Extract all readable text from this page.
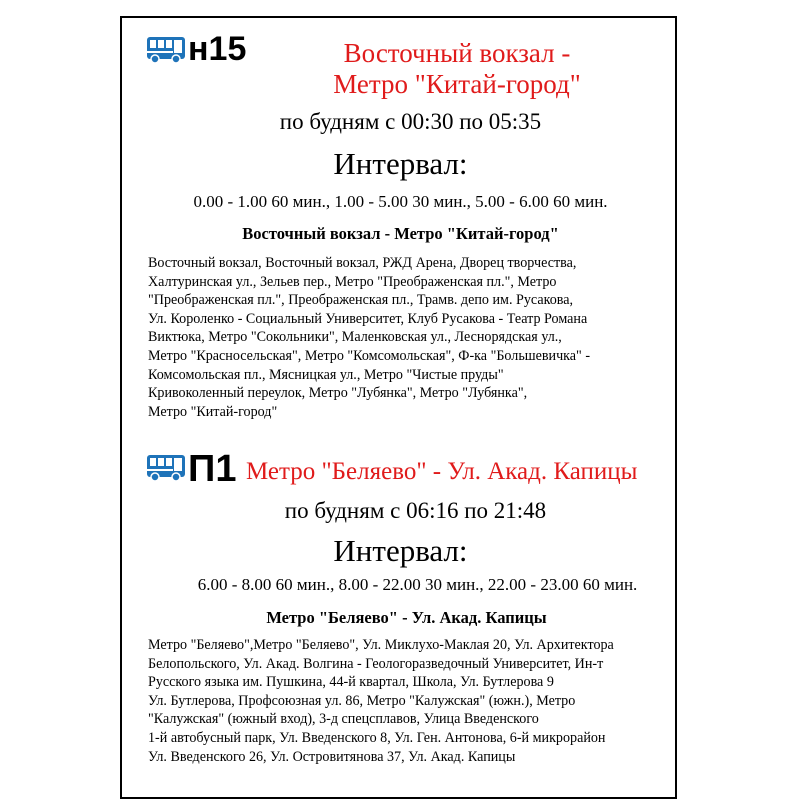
н15	Восточный вокзал -
Метро "Китай-город"
по будням с 00:30 по 05:35
Интервал:
0.00 - 1.00 60 мин., 1.00 - 5.00 30 мин., 5.00 - 6.00 60 мин.
Восточный вокзал - Метро "Китай-город"
Восточный вокзал, Восточный вокзал, РЖД Арена, Дворец творчества,
Халтуринская ул., Зельев пер., Метро "Преображенская пл.", Метро
"Преображенская пл.", Преображенская пл., Трамв. депо им. Русакова,
Ул. Короленко - Социальный Университет, Клуб Русакова - Театр Романа
Виктюка, Метро "Сокольники", Маленковская ул., Леснорядская ул.,
Метро "Красносельская", Метро "Комсомольская", Ф-ка "Большевичка" -
Комсомольская пл., Мясницкая ул., Метро "Чистые пруды"
Кривоколенный переулок, Метро "Лубянка", Метро "Лубянка",
Метро "Китай-город"
П1 Метро "Беляево" - Ул. Акад. Капицы
по будням с 06:16 по 21:48
Интервал:
6.00 - 8.00 60 мин., 8.00 - 22.00 30 мин., 22.00 - 23.00 60 мин.
Метро "Беляево" - Ул. Акад. Капицы
Метро "Беляево",Метро "Беляево", Ул. Миклухо-Маклая 20, Ул. Архитектора
Белопольского, Ул. Акад. Волгина - Геологоразведочный Университет, Ин-т
Русского языка им. Пушкина, 44-й квартал, Школа, Ул. Бутлерова 9
Ул. Бутлерова, Профсоюзная ул. 86, Метро "Калужская" (южн.), Метро
"Калужская" (южный вход), 3-д спецсплавов, Улица Введенского
1-й автобусный парк, Ул. Введенского 8, Ул. Ген. Антонова, 6-й микрорайон
Ул. Введенского 26, Ул. Островитянова 37, Ул. Акад. Капицы
